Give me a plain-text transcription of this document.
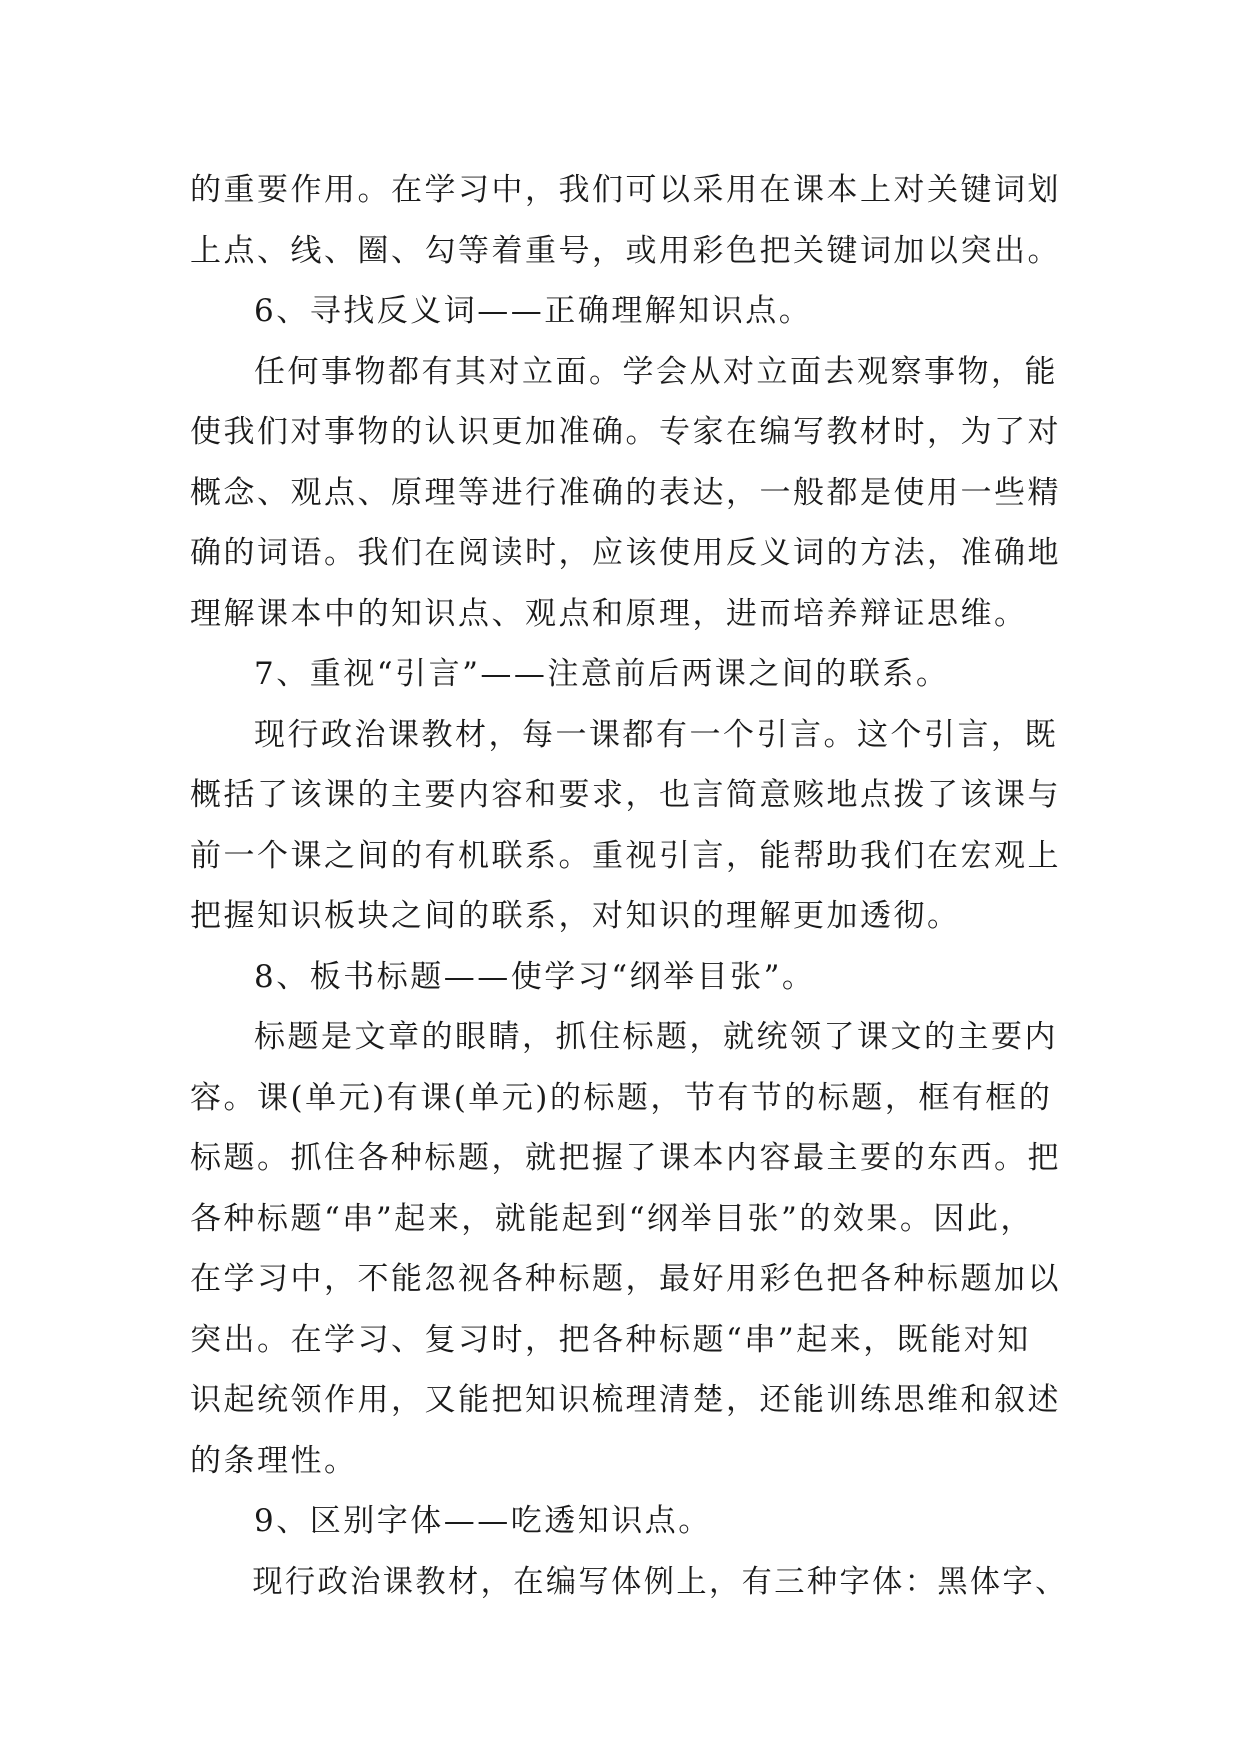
的重要作用。在学习中，我们可以采用在课本上对关键词划
上点、线、圈、勾等着重号，或用彩色把关键词加以突出。
6、寻找反义词——正确理解知识点。
任何事物都有其对立面。学会从对立面去观察事物，能
使我们对事物的认识更加准确。专家在编写教材时，为了对
概念、观点、原理等进行准确的表达，一般都是使用一些精
确的词语。我们在阅读时，应该使用反义词的方法，准确地
理解课本中的知识点、观点和原理，进而培养辩证思维。
7、重视“引言”——注意前后两课之间的联系。
现行政治课教材，每一课都有一个引言。这个引言，既
概括了该课的主要内容和要求，也言简意赅地点拨了该课与
前一个课之间的有机联系。重视引言，能帮助我们在宏观上
把握知识板块之间的联系，对知识的理解更加透彻。
8、板书标题——使学习“纲举目张”。
标题是文章的眼睛，抓住标题，就统领了课文的主要内
容。课(单元)有课(单元)的标题，节有节的标题，框有框的
标题。抓住各种标题，就把握了课本内容最主要的东西。把
各种标题“串”起来，就能起到“纲举目张”的效果。因此，
在学习中，不能忽视各种标题，最好用彩色把各种标题加以
突出。在学习、复习时，把各种标题“串”起来，既能对知
识起统领作用，又能把知识梳理清楚，还能训练思维和叙述
的条理性。
9、区别字体——吃透知识点。
现行政治课教材，在编写体例上，有三种字体：黑体字、
